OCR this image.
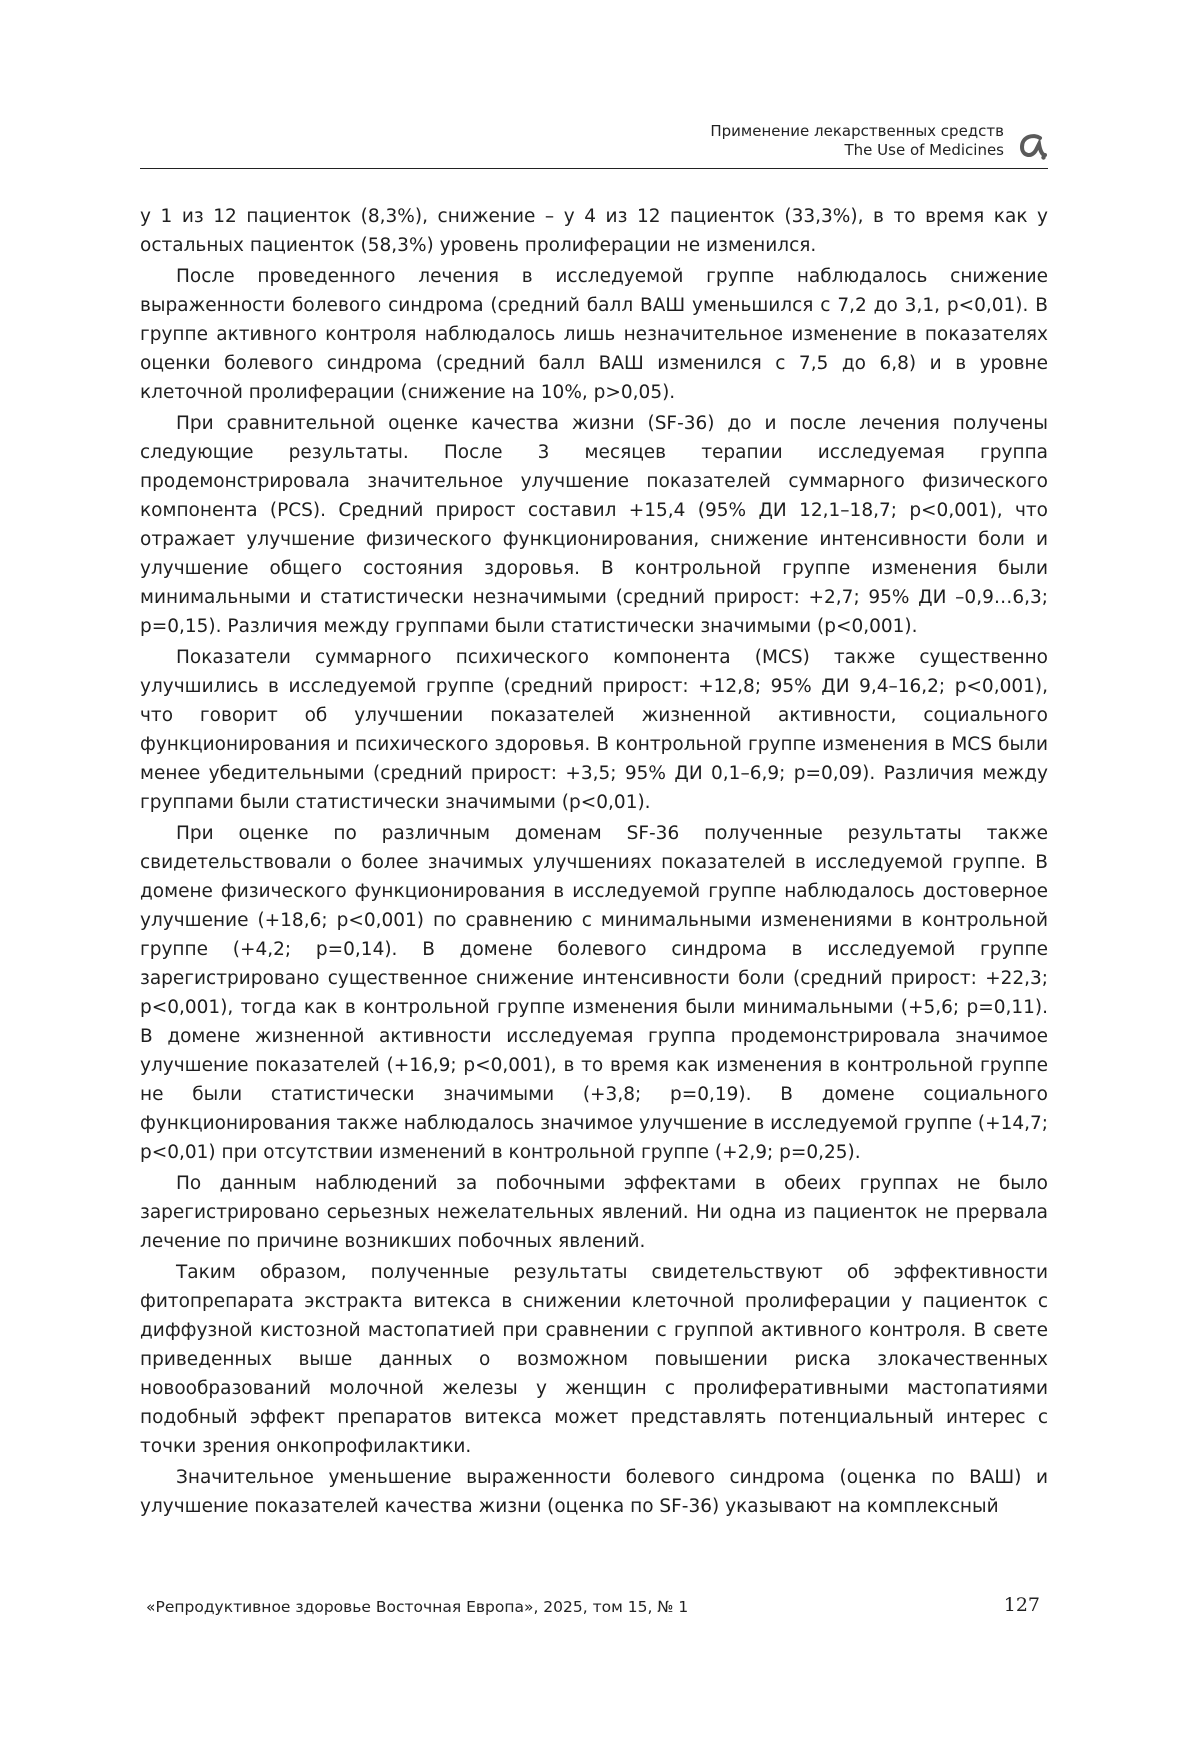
Применение лекарственных средств
The Use of Medicines

у 1 из 12 пациенток (8,3%), снижение – у 4 из 12 пациенток (33,3%), в то время как у остальных пациенток (58,3%) уровень пролиферации не изменился.

После проведенного лечения в исследуемой группе наблюдалось снижение выраженности болевого синдрома (средний балл ВАШ уменьшился с 7,2 до 3,1, p<0,01). В группе активного контроля наблюдалось лишь незначительное изменение в показателях оценки болевого синдрома (средний балл ВАШ изменился с 7,5 до 6,8) и в уровне клеточной пролиферации (снижение на 10%, p>0,05).

При сравнительной оценке качества жизни (SF-36) до и после лечения получены следующие результаты. После 3 месяцев терапии исследуемая группа продемонстрировала значительное улучшение показателей суммарного физического компонента (PCS). Средний прирост составил +15,4 (95% ДИ 12,1–18,7; p<0,001), что отражает улучшение физического функционирования, снижение интенсивности боли и улучшение общего состояния здоровья. В контрольной группе изменения были минимальными и статистически незначимыми (средний прирост: +2,7; 95% ДИ –0,9…6,3; p=0,15). Различия между группами были статистически значимыми (p<0,001).

Показатели суммарного психического компонента (MCS) также существенно улучшились в исследуемой группе (средний прирост: +12,8; 95% ДИ 9,4–16,2; p<0,001), что говорит об улучшении показателей жизненной активности, социального функционирования и психического здоровья. В контрольной группе изменения в MCS были менее убедительными (средний прирост: +3,5; 95% ДИ 0,1–6,9; p=0,09). Различия между группами были статистически значимыми (p<0,01).

При оценке по различным доменам SF-36 полученные результаты также свидетельствовали о более значимых улучшениях показателей в исследуемой группе. В домене физического функционирования в исследуемой группе наблюдалось достоверное улучшение (+18,6; p<0,001) по сравнению с минимальными изменениями в контрольной группе (+4,2; p=0,14). В домене болевого синдрома в исследуемой группе зарегистрировано существенное снижение интенсивности боли (средний прирост: +22,3; p<0,001), тогда как в контрольной группе изменения были минимальными (+5,6; p=0,11). В домене жизненной активности исследуемая группа продемонстрировала значимое улучшение показателей (+16,9; p<0,001), в то время как изменения в контрольной группе не были статистически значимыми (+3,8; p=0,19). В домене социального функционирования также наблюдалось значимое улучшение в исследуемой группе (+14,7; p<0,01) при отсутствии изменений в контрольной группе (+2,9; p=0,25).

По данным наблюдений за побочными эффектами в обеих группах не было зарегистрировано серьезных нежелательных явлений. Ни одна из пациенток не прервала лечение по причине возникших побочных явлений.

Таким образом, полученные результаты свидетельствуют об эффективности фитопрепарата экстракта витекса в снижении клеточной пролиферации у пациенток с диффузной кистозной мастопатией при сравнении с группой активного контроля. В свете приведенных выше данных о возможном повышении риска злокачественных новообразований молочной железы у женщин с пролиферативными мастопатиями подобный эффект препаратов витекса может представлять потенциальный интерес с точки зрения онкопрофилактики.

Значительное уменьшение выраженности болевого синдрома (оценка по ВАШ) и улучшение показателей качества жизни (оценка по SF-36) указывают на комплексный

«Репродуктивное здоровье Восточная Европа», 2025, том 15, № 1	127
